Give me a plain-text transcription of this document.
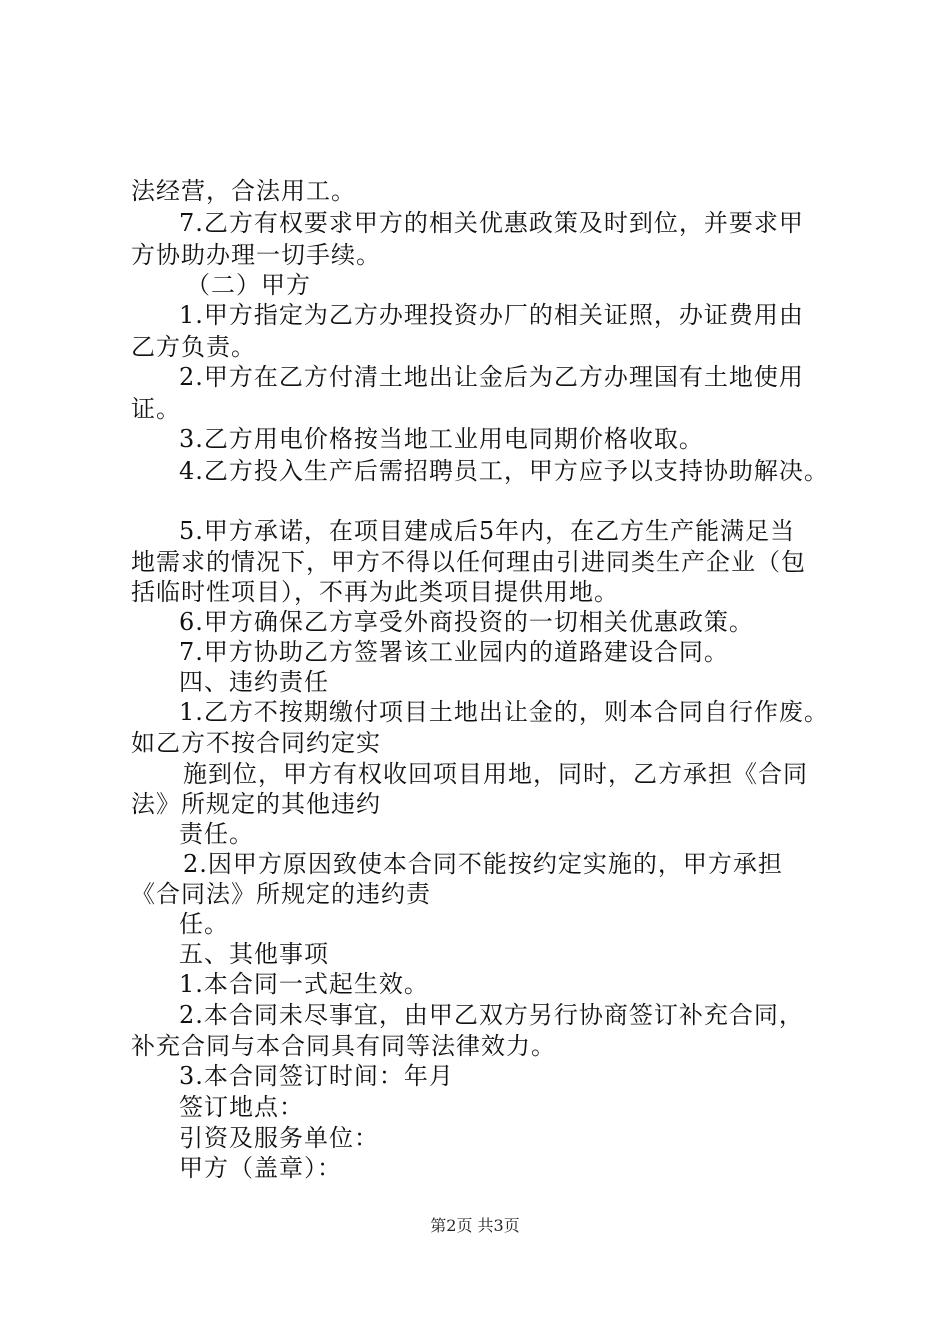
法经营，合法用工。
7.乙方有权要求甲方的相关优惠政策及时到位，并要求甲
方协助办理一切手续。
（二）甲方
1.甲方指定为乙方办理投资办厂的相关证照，办证费用由
乙方负责。
2.甲方在乙方付清土地出让金后为乙方办理国有土地使用
证。
3.乙方用电价格按当地工业用电同期价格收取。
4.乙方投入生产后需招聘员工，甲方应予以支持协助解决。
5.甲方承诺，在项目建成后5年内，在乙方生产能满足当
地需求的情况下，甲方不得以任何理由引进同类生产企业（包
括临时性项目），不再为此类项目提供用地。
6.甲方确保乙方享受外商投资的一切相关优惠政策。
7.甲方协助乙方签署该工业园内的道路建设合同。
四、违约责任
1.乙方不按期缴付项目土地出让金的，则本合同自行作废。
如乙方不按合同约定实
施到位，甲方有权收回项目用地，同时，乙方承担《合同
法》所规定的其他违约
责任。
2.因甲方原因致使本合同不能按约定实施的，甲方承担
《合同法》所规定的违约责
任。
五、其他事项
1.本合同一式起生效。
2.本合同未尽事宜，由甲乙双方另行协商签订补充合同，
补充合同与本合同具有同等法律效力。
3.本合同签订时间：年月
签订地点：
引资及服务单位：
甲方（盖章）：
第2页 共3页
